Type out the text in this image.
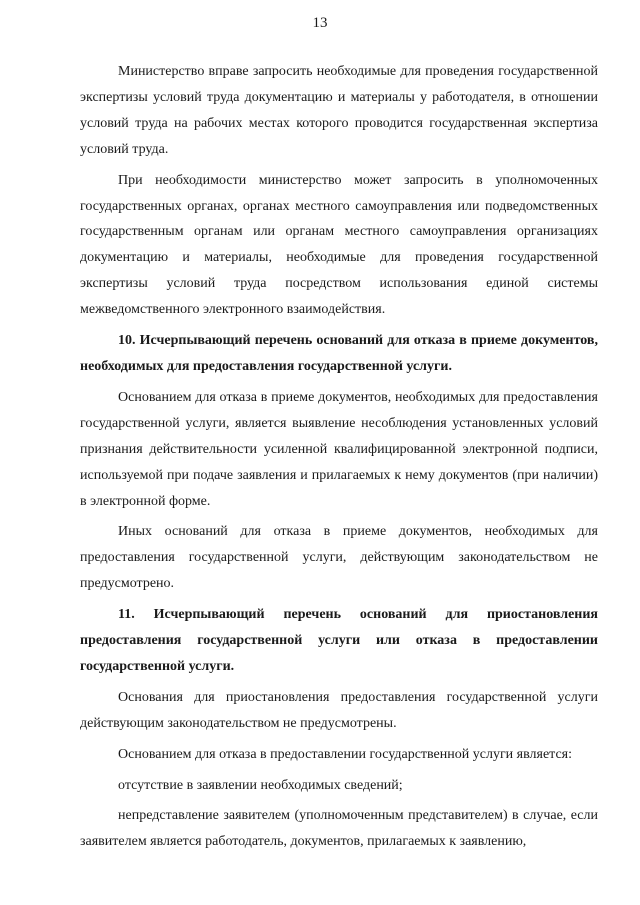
13

Министерство вправе запросить необходимые для проведения государственной экспертизы условий труда документацию и материалы у работодателя, в отношении условий труда на рабочих местах которого проводится государственная экспертиза условий труда.

При необходимости министерство может запросить в уполномоченных государственных органах, органах местного самоуправления или подведомственных государственным органам или органам местного самоуправления организациях документацию и материалы, необходимые для проведения государственной экспертизы условий труда посредством использования единой системы межведомственного электронного взаимодействия.

10. Исчерпывающий перечень оснований для отказа в приеме документов, необходимых для предоставления государственной услуги.

Основанием для отказа в приеме документов, необходимых для предоставления государственной услуги, является выявление несоблюдения установленных условий признания действительности усиленной квалифицированной электронной подписи, используемой при подаче заявления и прилагаемых к нему документов (при наличии) в электронной форме.

Иных оснований для отказа в приеме документов, необходимых для предоставления государственной услуги, действующим законодательством не предусмотрено.

11. Исчерпывающий перечень оснований для приостановления предоставления государственной услуги или отказа в предоставлении государственной услуги.

Основания для приостановления предоставления государственной услуги действующим законодательством не предусмотрены.

Основанием для отказа в предоставлении государственной услуги является:

отсутствие в заявлении необходимых сведений;

непредставление заявителем (уполномоченным представителем) в случае, если заявителем является работодатель, документов, прилагаемых к заявлению,
